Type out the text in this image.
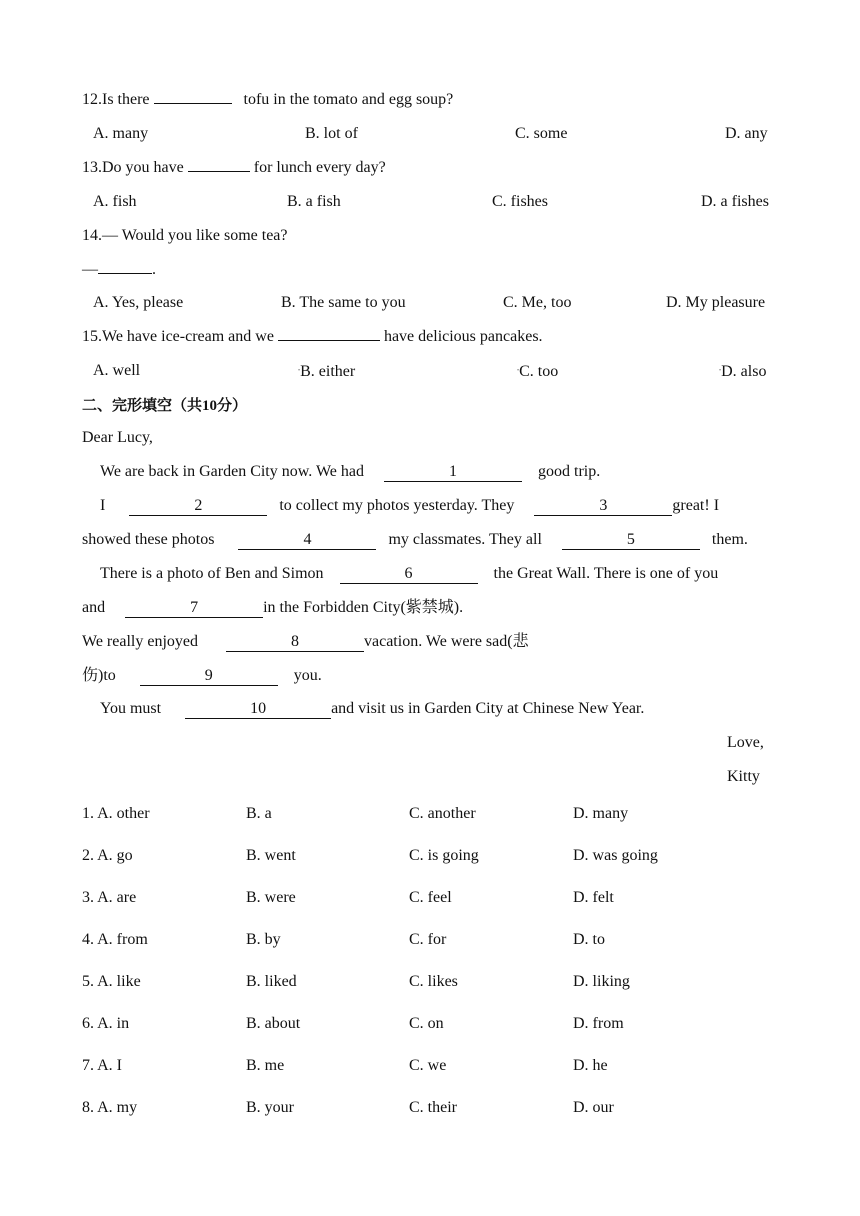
12.Is there	tofu in the tomato and egg soup?
A. many	B. lot of	C. some	D. any
13.Do you have	for lunch every day?
A. fish	B. a fish	C. fishes	D. a fishes
14.— Would you like some tea?
—	.
A. Yes, please	B. The same to you	C. Me, too	D. My pleasure
15.We have ice-cream and we	have delicious pancakes.
A. well	•B. either	•C. too	•D. also
二、完形填空（共10分）
Dear Lucy,
We are back in Garden City now. We had	1	good trip.
I	2	to collect my photos yesterday. They	3	great! I
showed these photos	4	my classmates. They all	5	them.
There is a photo of Ben and Simon	6	the Great Wall. There is one of you
and	7	in the Forbidden City(紫禁城).
We really enjoyed	8	vacation. We were sad(悲
伤)to	9	you.
You must	10	and visit us in Garden City at Chinese New Year.
Love,
Kitty
1. A. other	B. a	C. another	D. many
2. A. go	B. went	C. is going	D. was going
3. A. are	B. were	C. feel	D. felt
4. A. from	B. by	C. for	D. to
5. A. like	B. liked	C. likes	D. liking
6. A. in	B. about	C. on	D. from
7. A. I	B. me	C. we	D. he
8. A. my	B. your	C. their	D. our
